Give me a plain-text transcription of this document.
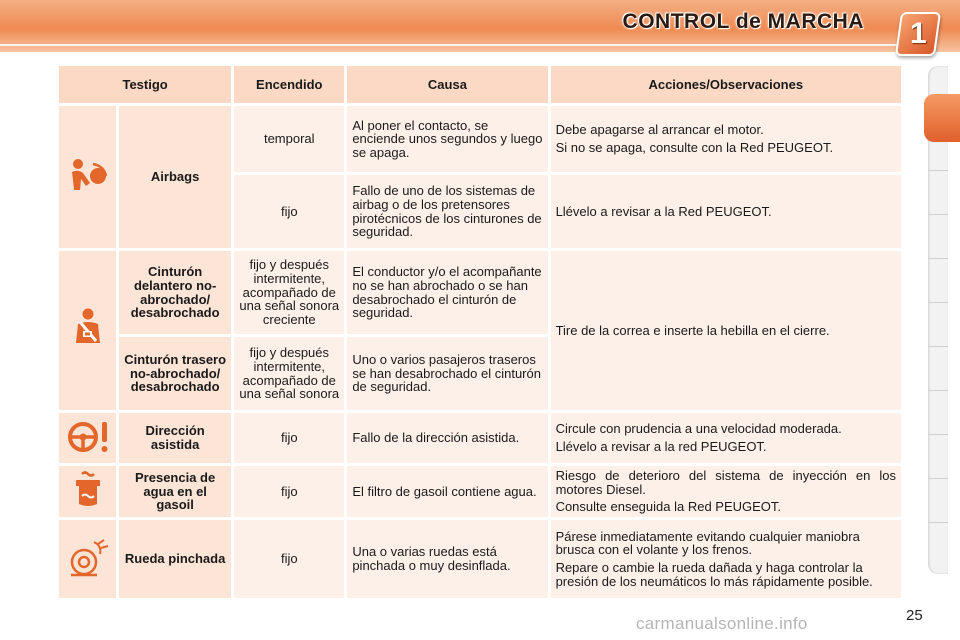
CONTROL de MARCHA 1
Testigo		Encendido	Causa	Acciones/Observaciones
	Airbags	temporal	Al poner el contacto, se enciende unos segundos y luego se apaga.	Debe apagarse al arrancar el motor.

Si no se apaga, consulte con la Red PEUGEOT.

		fijo	Fallo de uno de los sistemas de airbag o de los pretensores pirotécnicos de los cinturones de seguridad.	Llévelo a revisar a la Red PEUGEOT.

	Cinturón delantero no-abrochado/ desabrochado	fijo y después intermitente, acompañado de una señal sonora creciente	El conductor y/o el acompañante no se han abrochado o se han desabrochado el cinturón de seguridad.	Tire de la correa e inserte la hebilla en el cierre.

	Cinturón trasero no-abrochado/ desabrochado	fijo y después intermitente, acompañado de una señal sonora	Uno o varios pasajeros traseros se han desabrochado el cinturón de seguridad.	
	Dirección asistida	fijo	Fallo de la dirección asistida.	Circule con prudencia a una velocidad moderada.

Llévelo a revisar a la red PEUGEOT.

	Presencia de agua en el gasoil	fijo	El filtro de gasoil contiene agua.	Riesgo de deterioro del sistema de inyección en los motores Diesel.

Consulte enseguida la Red PEUGEOT.

	Rueda pinchada	fijo	Una o varias ruedas está pinchada o muy desinflada.	Párese inmediatamente evitando cualquier maniobra brusca con el volante y los frenos.

Repare o cambie la rueda dañada y haga controlar la presión de los neumáticos lo más rápidamente posible.

25
carmanualsonline.info
